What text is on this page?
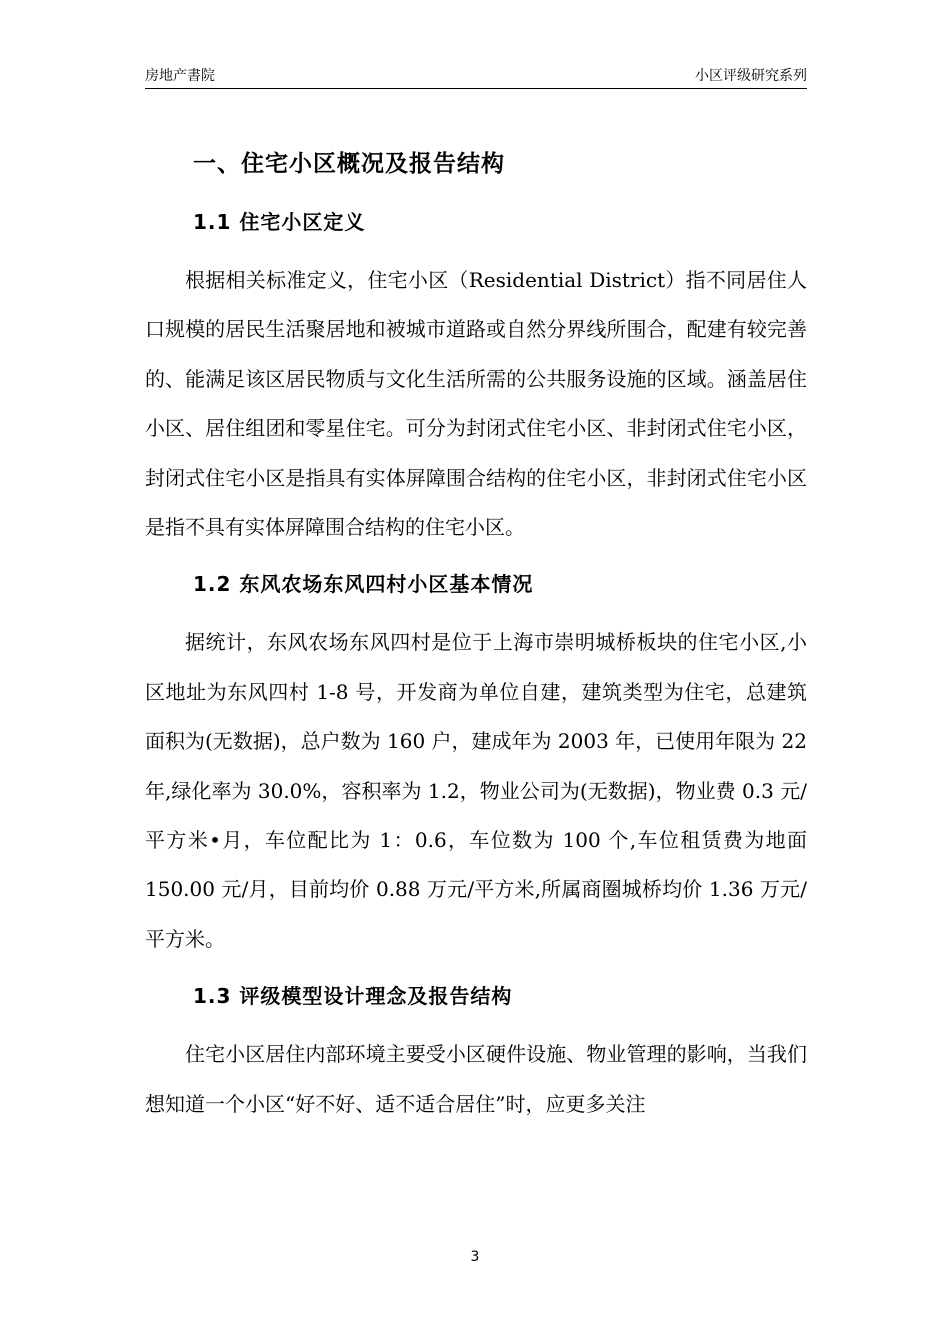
房地产書院	小区评级研究系列
一、住宅小区概况及报告结构
1.1 住宅小区定义

根据相关标准定义，住宅小区（Residential District）指不同居住人口规模的居民生活聚居地和被城市道路或自然分界线所围合，配建有较完善的、能满足该区居民物质与文化生活所需的公共服务设施的区域。涵盖居住小区、居住组团和零星住宅。可分为封闭式住宅小区、非封闭式住宅小区，封闭式住宅小区是指具有实体屏障围合结构的住宅小区，非封闭式住宅小区是指不具有实体屏障围合结构的住宅小区。

1.2 东风农场东风四村小区基本情况

据统计，东风农场东风四村是位于上海市崇明城桥板块的住宅小区,小区地址为东风四村 1-8 号，开发商为单位自建，建筑类型为住宅，总建筑面积为(无数据)，总户数为 160 户，建成年为 2003 年，已使用年限为 22 年,绿化率为 30.0%，容积率为 1.2，物业公司为(无数据)，物业费 0.3 元/平方米•月，车位配比为 1：0.6，车位数为 100 个,车位租赁费为地面 150.00 元/月，目前均价 0.88 万元/平方米,所属商圈城桥均价 1.36 万元/平方米。

1.3 评级模型设计理念及报告结构

住宅小区居住内部环境主要受小区硬件设施、物业管理的影响，当我们想知道一个小区“好不好、适不适合居住”时，应更多关注

3
